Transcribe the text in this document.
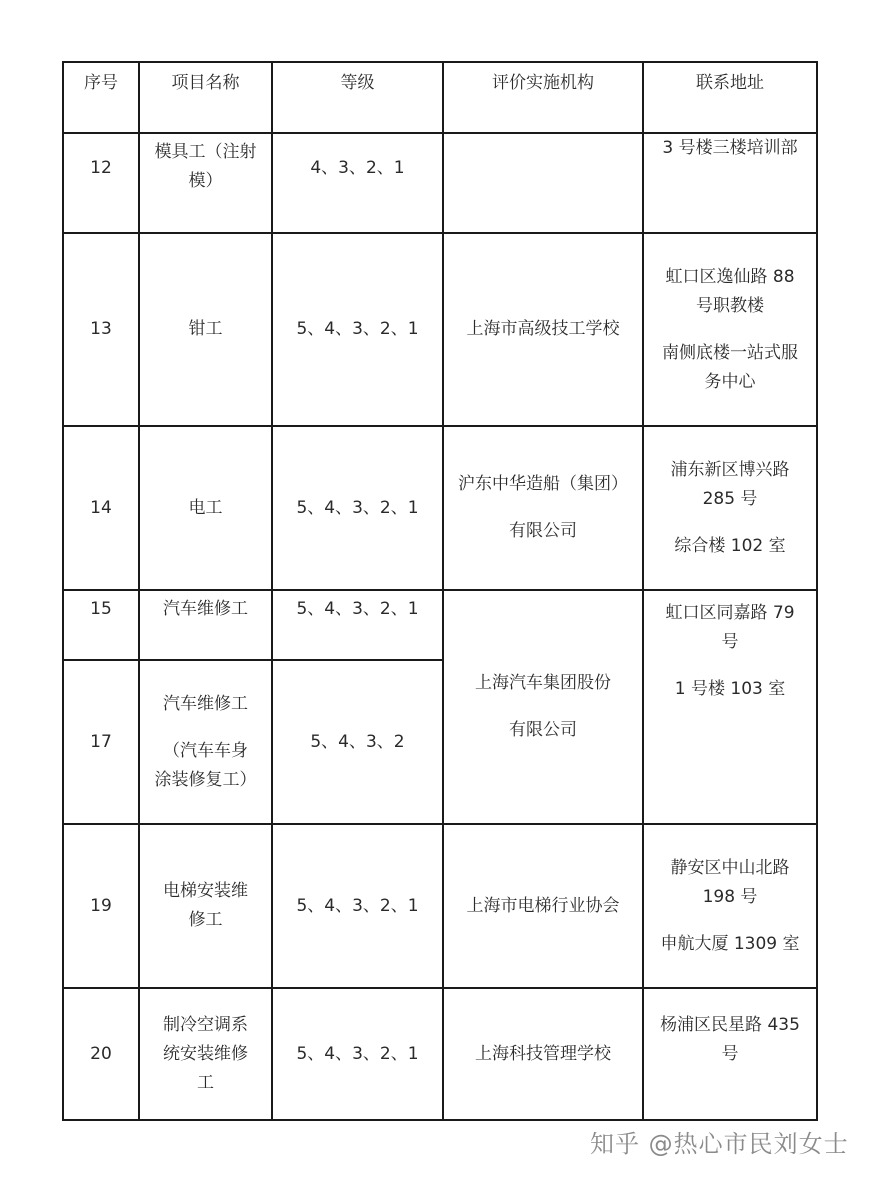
序号	项目名称	等级	评价实施机构	联系地址
12	模具工（注射
模）	4、3、2、1		3 号楼三楼培训部

13	钳工	5、4、3、2、1	上海市高级技工学校	虹口区逸仙路 88
号职教楼
南侧底楼一站式服
务中心

14	电工	5、4、3、2、1	沪东中华造船（集团）
有限公司	浦东新区博兴路
285 号
综合楼 102 室

15	汽车维修工	5、4、3、2、1	上海汽车集团股份
有限公司	虹口区同嘉路 79
号
1 号楼 103 室

17	汽车维修工
（汽车车身
涂装修复工）	5、4、3、2		
19	电梯安装维
修工	5、4、3、2、1	上海市电梯行业协会	静安区中山北路
198 号
申航大厦 1309 室

20	制冷空调系
统安装维修
工	5、4、3、2、1	上海科技管理学校	杨浦区民星路 435
号
知乎 @热心市民刘女士
